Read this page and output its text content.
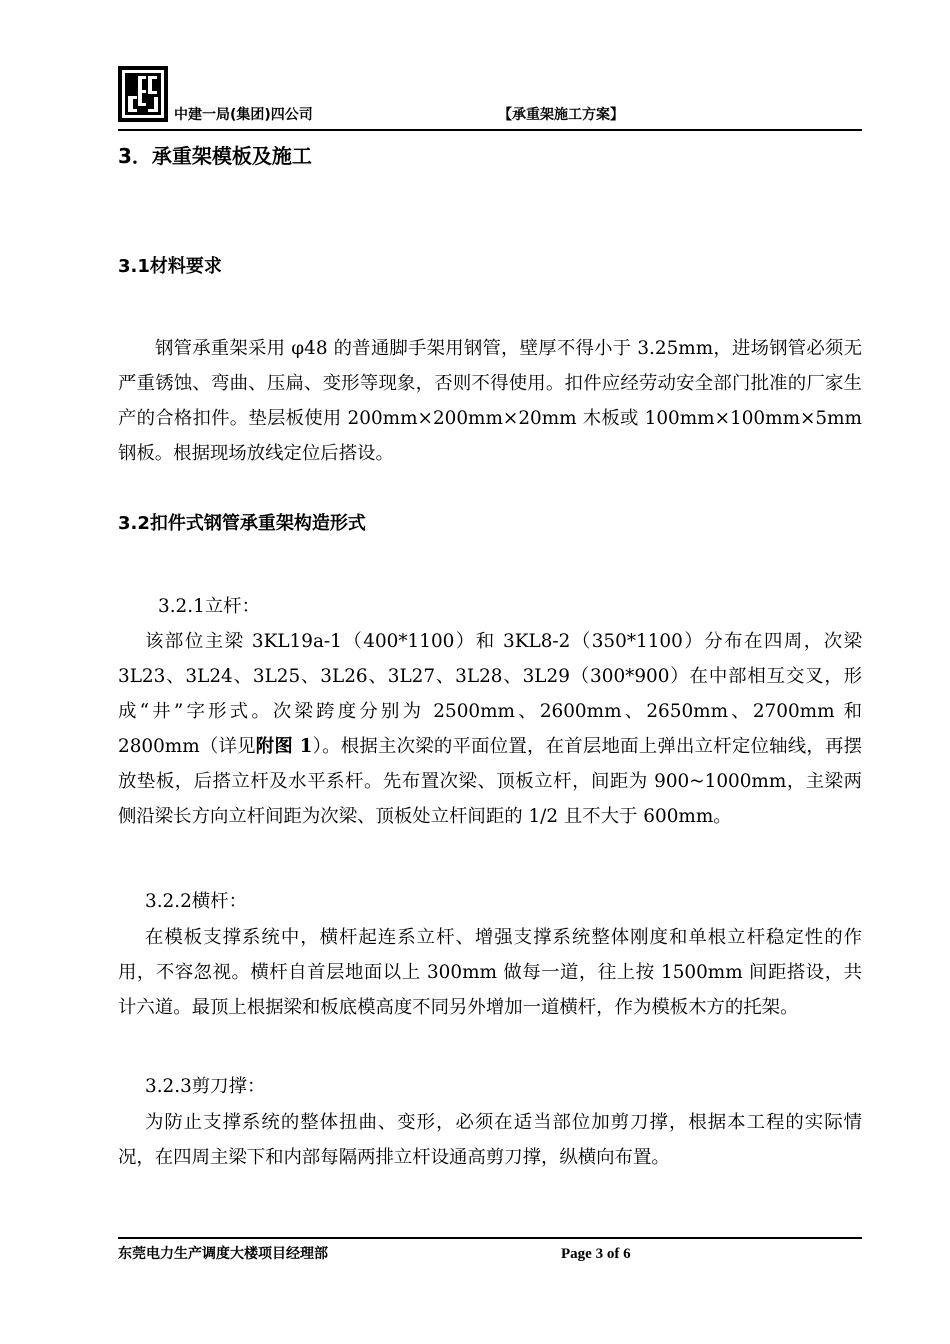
中建一局(集团)四公司	【承重架施工方案】
3．承重架模板及施工
3.1材料要求

钢管承重架采用 φ48 的普通脚手架用钢管，壁厚不得小于 3.25mm，进场钢管必须无严重锈蚀、弯曲、压扁、变形等现象，否则不得使用。扣件应经劳动安全部门批准的厂家生产的合格扣件。垫层板使用 200mm×200mm×20mm 木板或 100mm×100mm×5mm 钢板。根据现场放线定位后搭设。

3.2扣件式钢管承重架构造形式
3.2.1立杆：

该部位主梁 3KL19a-1（400*1100）和 3KL8-2（350*1100）分布在四周，次梁 3L23、3L24、3L25、3L26、3L27、3L28、3L29（300*900）在中部相互交叉，形成“井”字形式。次梁跨度分别为 2500mm、2600mm、2650mm、2700mm 和 2800mm（详见附图 1）。根据主次梁的平面位置，在首层地面上弹出立杆定位轴线，再摆放垫板，后搭立杆及水平系杆。先布置次梁、顶板立杆，间距为 900~1000mm，主梁两侧沿梁长方向立杆间距为次梁、顶板处立杆间距的 1/2 且不大于 600mm。

3.2.2横杆：

在模板支撑系统中，横杆起连系立杆、增强支撑系统整体刚度和单根立杆稳定性的作用，不容忽视。横杆自首层地面以上 300mm 做每一道，往上按 1500mm 间距搭设，共计六道。最顶上根据梁和板底模高度不同另外增加一道横杆，作为模板木方的托架。

3.2.3剪刀撑：

为防止支撑系统的整体扭曲、变形，必须在适当部位加剪刀撑，根据本工程的实际情况，在四周主梁下和内部每隔两排立杆设通高剪刀撑，纵横向布置。

东莞电力生产调度大楼项目经理部	Page 3 of 6
